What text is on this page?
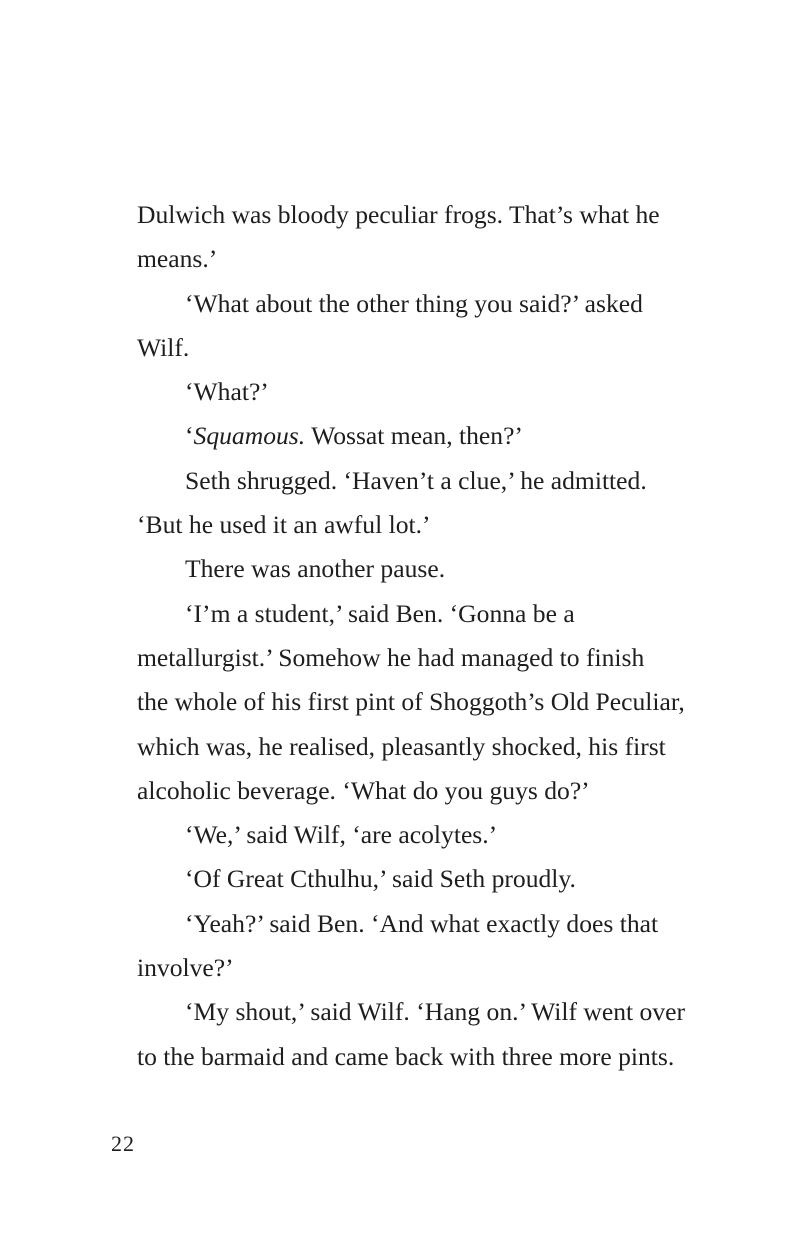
Dulwich was bloody peculiar frogs. That’s what he
means.’
‘What about the other thing you said?’ asked
Wilf.
‘What?’
‘Squamous. Wossat mean, then?’
Seth shrugged. ‘Haven’t a clue,’ he admitted.
‘But he used it an awful lot.’
There was another pause.
‘I’m a student,’ said Ben. ‘Gonna be a
metallurgist.’ Somehow he had managed to finish
the whole of his first pint of Shoggoth’s Old Peculiar,
which was, he realised, pleasantly shocked, his first
alcoholic beverage. ‘What do you guys do?’
‘We,’ said Wilf, ‘are acolytes.’
‘Of Great Cthulhu,’ said Seth proudly.
‘Yeah?’ said Ben. ‘And what exactly does that
involve?’
‘My shout,’ said Wilf. ‘Hang on.’ Wilf went over
to the barmaid and came back with three more pints.
22
